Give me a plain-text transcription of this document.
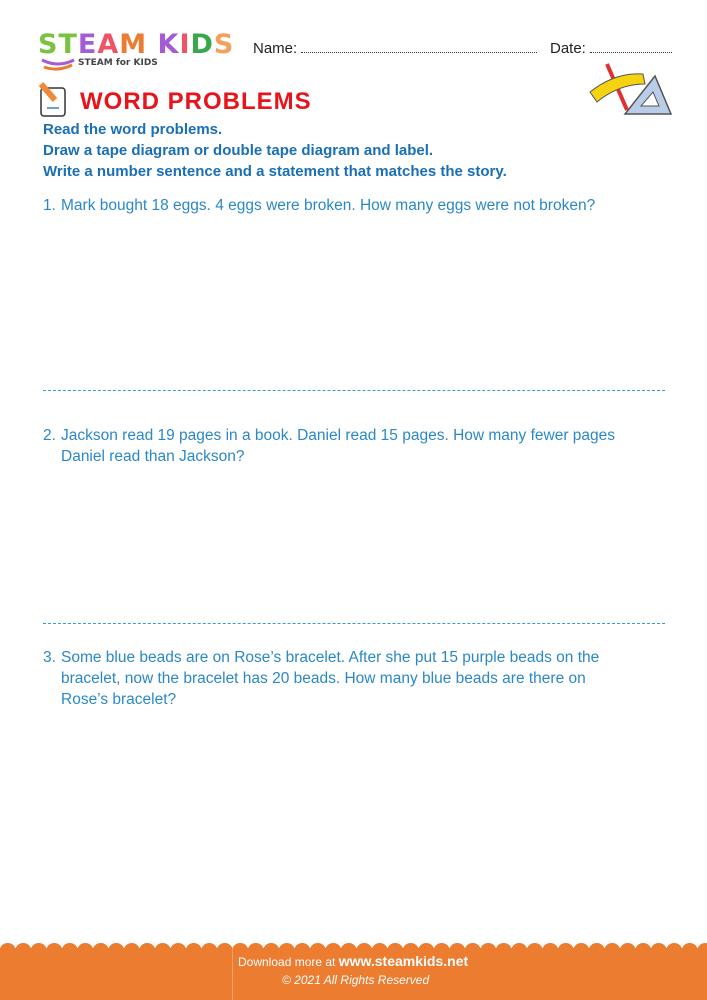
STEAM KIDS
STEAM for KIDS
Name:	Date:
WORD PROBLEMS
Read the word problems.
Draw a tape diagram or double tape diagram and label.
Write a number sentence and a statement that matches the story.
1. Mark bought 18 eggs. 4 eggs were broken. How many eggs were not broken?
2. Jackson read 19 pages in a book. Daniel read 15 pages. How many fewer pages
Daniel read than Jackson?
3. Some blue beads are on Rose’s bracelet. After she put 15 purple beads on the
bracelet, now the bracelet has 20 beads. How many blue beads are there on
Rose’s bracelet?
Download more at www.steamkids.net
© 2021 All Rights Reserved
